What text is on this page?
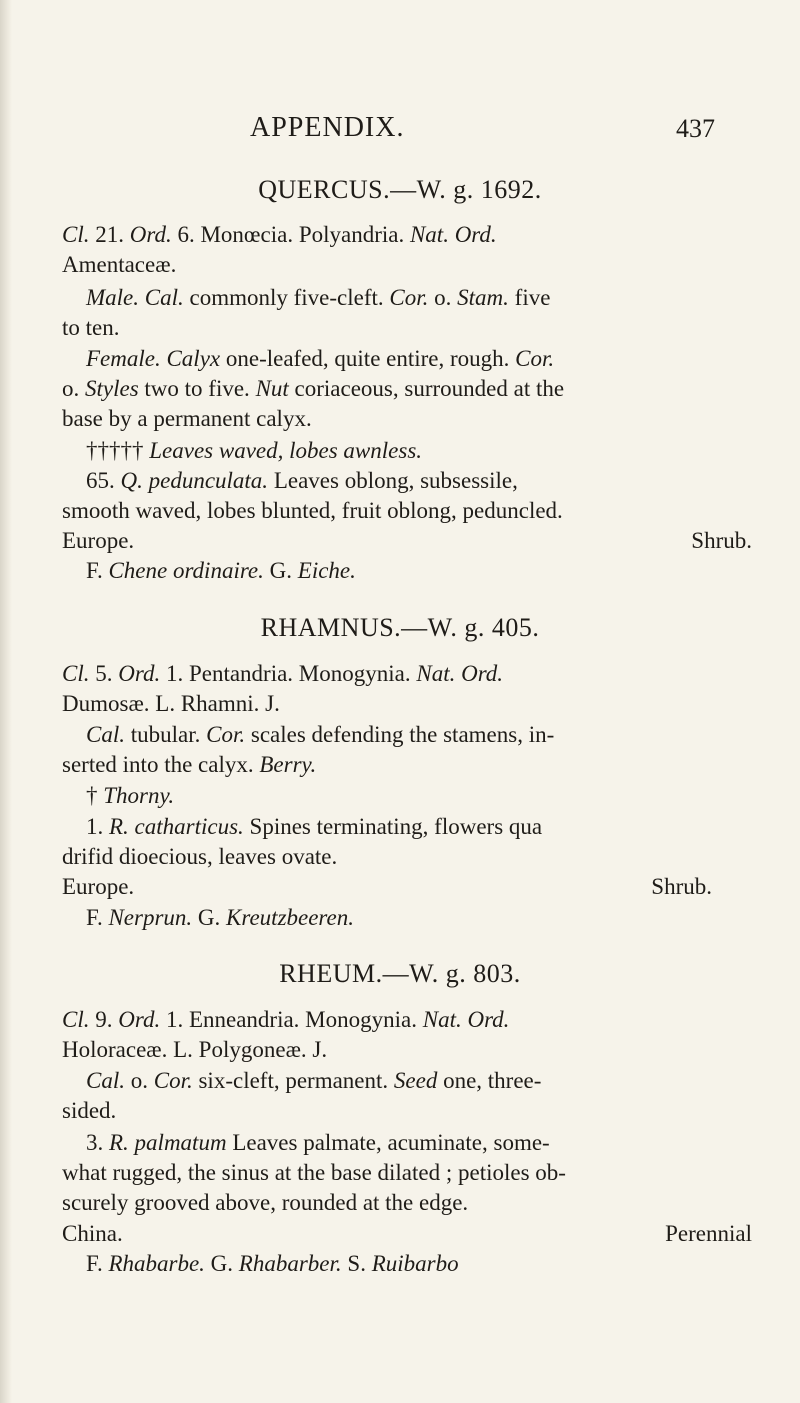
APPENDIX.	437
QUERCUS.—W. g. 1692.
Cl. 21. Ord. 6. Monœcia. Polyandria. Nat. Ord.
Amentaceæ.
Male. Cal. commonly five-cleft. Cor. o. Stam. five
to ten.
Female. Calyx one-leafed, quite entire, rough. Cor.
o. Styles two to five. Nut coriaceous, surrounded at the
base by a permanent calyx.
††††† Leaves waved, lobes awnless.
65. Q. pedunculata. Leaves oblong, subsessile,
smooth waved, lobes blunted, fruit oblong, peduncled.
Europe.	Shrub.
F. Chene ordinaire. G. Eiche.
RHAMNUS.—W. g. 405.
Cl. 5. Ord. 1. Pentandria. Monogynia. Nat. Ord.
Dumosæ. L. Rhamni. J.
Cal. tubular. Cor. scales defending the stamens, in-
serted into the calyx. Berry.
† Thorny.
1. R. catharticus. Spines terminating, flowers qua
drifid dioecious, leaves ovate.
Europe.	Shrub.
F. Nerprun. G. Kreutzbeeren.
RHEUM.—W. g. 803.
Cl. 9. Ord. 1. Enneandria. Monogynia. Nat. Ord.
Holoraceæ. L. Polygoneæ. J.
Cal. o. Cor. six-cleft, permanent. Seed one, three-
sided.
3. R. palmatum Leaves palmate, acuminate, some-
what rugged, the sinus at the base dilated ; petioles ob-
scurely grooved above, rounded at the edge.
China.	Perennial
F. Rhabarbe. G. Rhabarber. S. Ruibarbo
